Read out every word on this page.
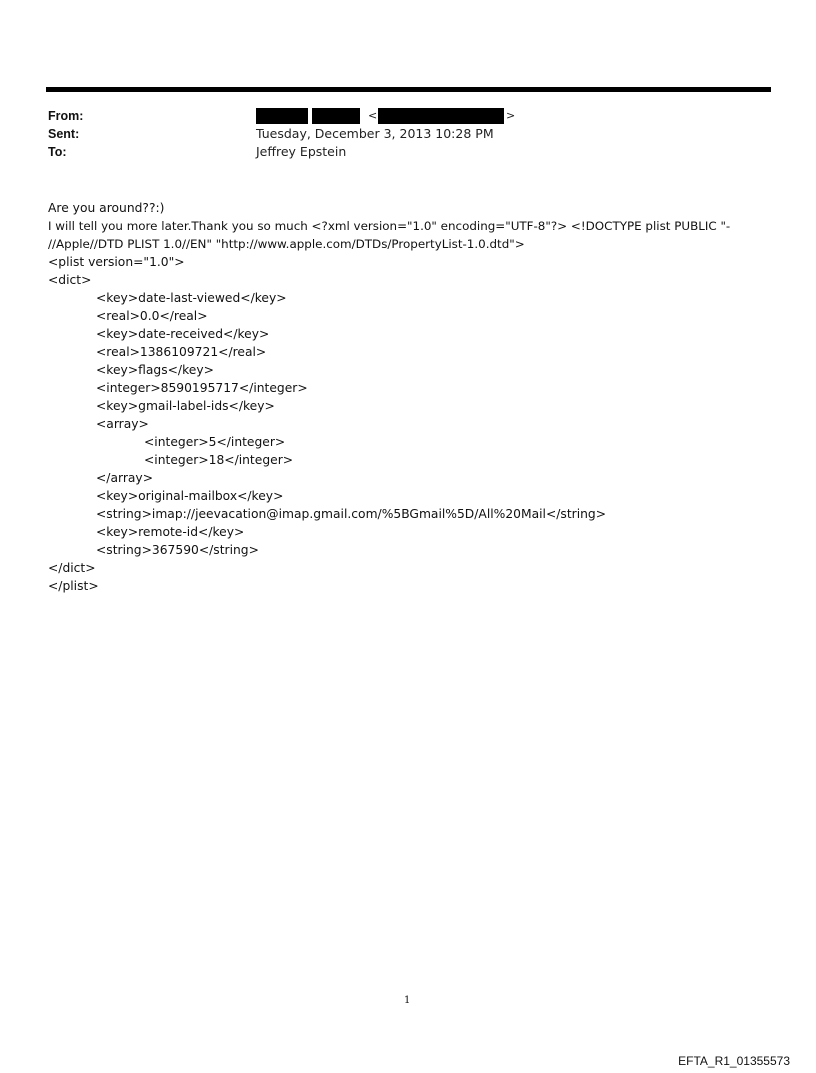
From:
Sent:
To:
<	>
Tuesday, December 3, 2013 10:28 PM
Jeffrey Epstein
Are you around??:)
I will tell you more later.Thank you so much <?xml version="1.0" encoding="UTF-8"?> <!DOCTYPE plist PUBLIC "-
//Apple//DTD PLIST 1.0//EN" "http://www.apple.com/DTDs/PropertyList-1.0.dtd">
<plist version="1.0">
<dict>
<key>date-last-viewed</key>
<real>0.0</real>
<key>date-received</key>
<real>1386109721</real>
<key>flags</key>
<integer>8590195717</integer>
<key>gmail-label-ids</key>
<array>
<integer>5</integer>
<integer>18</integer>
</array>
<key>original-mailbox</key>
<string>imap://jeevacation@imap.gmail.com/%5BGmail%5D/All%20Mail</string>
<key>remote-id</key>
<string>367590</string>
</dict>
</plist>
1
EFTA_R1_01355573
